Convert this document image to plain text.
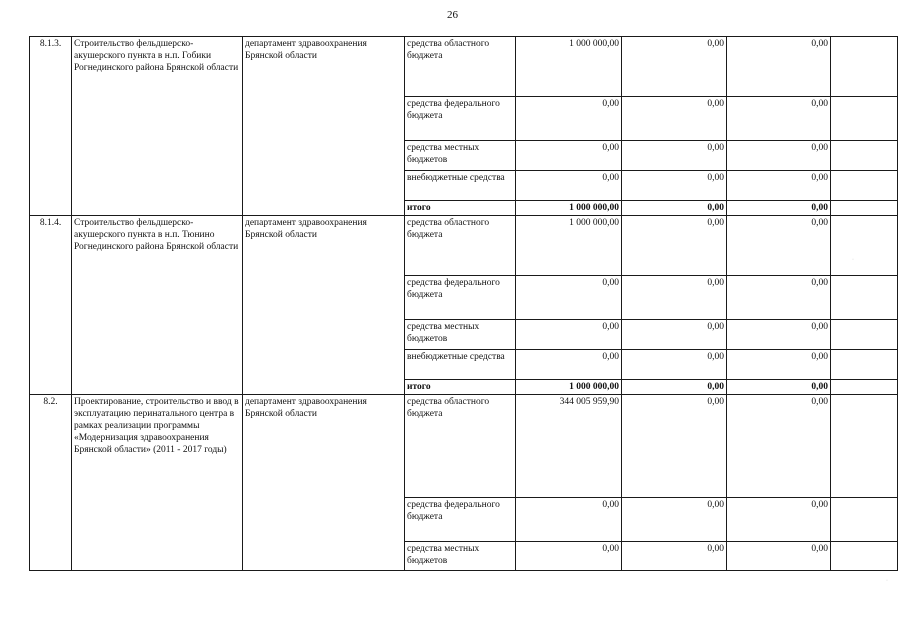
26
8.1.3.	Строительство фельдшерско-акушерского пункта в н.п. Гобики Рогнединского района Брянской области	департамент здравоохранения Брянской области	средства областного бюджета	1 000 000,00	0,00	0,00	
			средства федерального бюджета	0,00	0,00	0,00	
			средства местных бюджетов	0,00	0,00	0,00	
			внебюджетные средства	0,00	0,00	0,00	
			итого	1 000 000,00	0,00	0,00	
8.1.4.	Строительство фельдшерско-акушерского пункта в н.п. Тюнино Рогнединского района Брянской области	департамент здравоохранения Брянской области	средства областного бюджета	1 000 000,00	0,00	0,00	
			средства федерального бюджета	0,00	0,00	0,00	
			средства местных бюджетов	0,00	0,00	0,00	
			внебюджетные средства	0,00	0,00	0,00	
			итого	1 000 000,00	0,00	0,00	
8.2.	Проектирование, строительство и ввод в эксплуатацию перинатального центра в рамках реализации программы «Модернизация здравоохранения Брянской области» (2011 - 2017 годы)	департамент здравоохранения Брянской области	средства областного бюджета	344 005 959,90	0,00	0,00	
			средства федерального бюджета	0,00	0,00	0,00	
			средства местных бюджетов	0,00	0,00	0,00	
·
·
